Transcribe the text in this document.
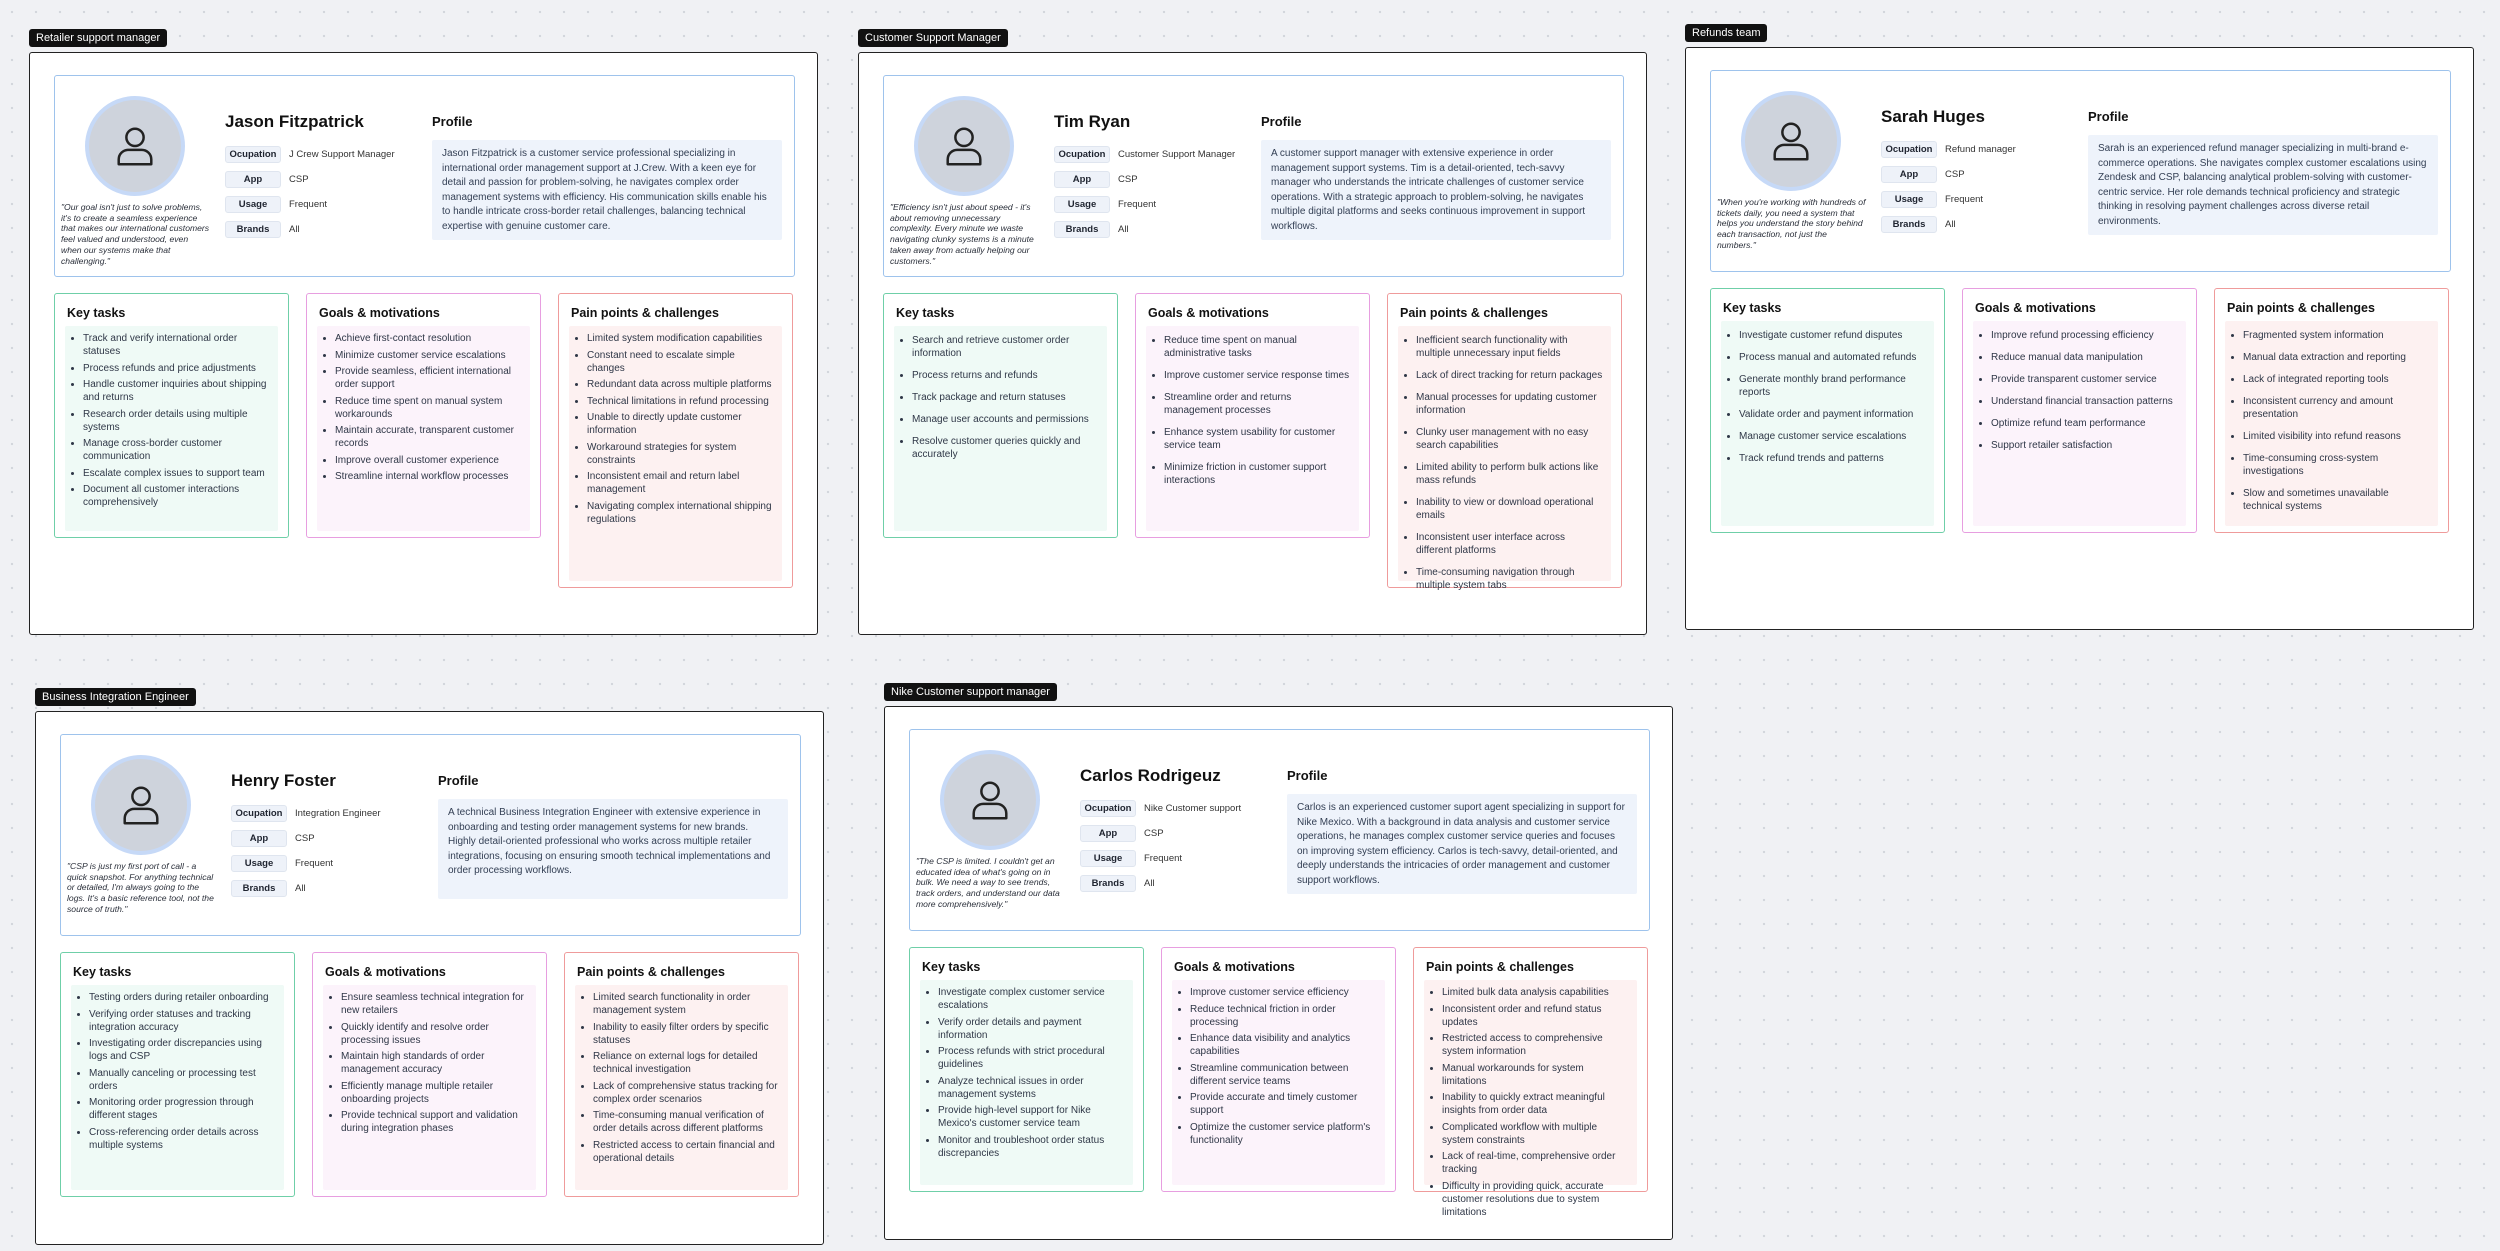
Retailer support manager
"Our goal isn't just to solve problems, it's to create a seamless experience that makes our international customers feel valued and understood, even when our systems make that challenging."
Jason Fitzpatrick
Ocupation	J Crew Support Manager
App	CSP
Usage	Frequent
Brands	All
Profile
Jason Fitzpatrick is a customer service professional specializing in international order management support at J.Crew. With a keen eye for detail and passion for problem-solving, he navigates complex order management systems with efficiency. His communication skills enable his to handle intricate cross-border retail challenges, balancing technical expertise with genuine customer care.
Key tasks
• Track and verify international order statuses
• Process refunds and price adjustments
• Handle customer inquiries about shipping and returns
• Research order details using multiple systems
• Manage cross-border customer communication
• Escalate complex issues to support team
• Document all customer interactions comprehensively
Goals & motivations
• Achieve first-contact resolution
• Minimize customer service escalations
• Provide seamless, efficient international order support
• Reduce time spent on manual system workarounds
• Maintain accurate, transparent customer records
• Improve overall customer experience
• Streamline internal workflow processes
Pain points & challenges
• Limited system modification capabilities
• Constant need to escalate simple changes
• Redundant data across multiple platforms
• Technical limitations in refund processing
• Unable to directly update customer information
• Workaround strategies for system constraints
• Inconsistent email and return label management
• Navigating complex international shipping regulations
Customer Support Manager
"Efficiency isn't just about speed - it's about removing unnecessary complexity. Every minute we waste navigating clunky systems is a minute taken away from actually helping our customers."
Tim Ryan
Ocupation	Customer Support Manager
App	CSP
Usage	Frequent
Brands	All
Profile
A customer support manager with extensive experience in order management support systems. Tim is a detail-oriented, tech-savvy manager who understands the intricate challenges of customer service operations. With a strategic approach to problem-solving, he navigates multiple digital platforms and seeks continuous improvement in support workflows.
Key tasks
• Search and retrieve customer order information
• Process returns and refunds
• Track package and return statuses
• Manage user accounts and permissions
• Resolve customer queries quickly and accurately
Goals & motivations
• Reduce time spent on manual administrative tasks
• Improve customer service response times
• Streamline order and returns management processes
• Enhance system usability for customer service team
• Minimize friction in customer support interactions
Pain points & challenges
• Inefficient search functionality with multiple unnecessary input fields
• Lack of direct tracking for return packages
• Manual processes for updating customer information
• Clunky user management with no easy search capabilities
• Limited ability to perform bulk actions like mass refunds
• Inability to view or download operational emails
• Inconsistent user interface across different platforms
• Time-consuming navigation through multiple system tabs
Refunds team
"When you're working with hundreds of tickets daily, you need a system that helps you understand the story behind each transaction, not just the numbers."
Sarah Huges
Ocupation	Refund manager
App	CSP
Usage	Frequent
Brands	All
Profile
Sarah is an experienced refund manager specializing in multi-brand e-commerce operations. She navigates complex customer escalations using Zendesk and CSP, balancing analytical problem-solving with customer-centric service. Her role demands technical proficiency and strategic thinking in resolving payment challenges across diverse retail environments.
Key tasks
• Investigate customer refund disputes
• Process manual and automated refunds
• Generate monthly brand performance reports
• Validate order and payment information
• Manage customer service escalations
• Track refund trends and patterns
Goals & motivations
• Improve refund processing efficiency
• Reduce manual data manipulation
• Provide transparent customer service
• Understand financial transaction patterns
• Optimize refund team performance
• Support retailer satisfaction
Pain points & challenges
• Fragmented system information
• Manual data extraction and reporting
• Lack of integrated reporting tools
• Inconsistent currency and amount presentation
• Limited visibility into refund reasons
• Time-consuming cross-system investigations
• Slow and sometimes unavailable technical systems
Business Integration Engineer
"CSP is just my first port of call - a quick snapshot. For anything technical or detailed, I'm always going to the logs. It's a basic reference tool, not the source of truth."
Henry Foster
Ocupation	Integration Engineer
App	CSP
Usage	Frequent
Brands	All
Profile
A technical Business Integration Engineer with extensive experience in onboarding and testing order management systems for new brands. Highly detail-oriented professional who works across multiple retailer integrations, focusing on ensuring smooth technical implementations and order processing workflows.
Key tasks
• Testing orders during retailer onboarding
• Verifying order statuses and tracking integration accuracy
• Investigating order discrepancies using logs and CSP
• Manually canceling or processing test orders
• Monitoring order progression through different stages
• Cross-referencing order details across multiple systems
Goals & motivations
• Ensure seamless technical integration for new retailers
• Quickly identify and resolve order processing issues
• Maintain high standards of order management accuracy
• Efficiently manage multiple retailer onboarding projects
• Provide technical support and validation during integration phases
Pain points & challenges
• Limited search functionality in order management system
• Inability to easily filter orders by specific statuses
• Reliance on external logs for detailed technical investigation
• Lack of comprehensive status tracking for complex order scenarios
• Time-consuming manual verification of order details across different platforms
• Restricted access to certain financial and operational details
Nike Customer support manager
"The CSP is limited. I couldn't get an educated idea of what's going on in bulk. We need a way to see trends, track orders, and understand our data more comprehensively."
Carlos Rodrigeuz
Ocupation	Nike Customer support
App	CSP
Usage	Frequent
Brands	All
Profile
Carlos is an experienced customer suport agent specializing in support for Nike Mexico. With a background in data analysis and customer service operations, he manages complex customer service queries and focuses on improving system efficiency. Carlos is tech-savvy, detail-oriented, and deeply understands the intricacies of order management and customer support workflows.
Key tasks
• Investigate complex customer service escalations
• Verify order details and payment information
• Process refunds with strict procedural guidelines
• Analyze technical issues in order management systems
• Provide high-level support for Nike Mexico's customer service team
• Monitor and troubleshoot order status discrepancies
Goals & motivations
• Improve customer service efficiency
• Reduce technical friction in order processing
• Enhance data visibility and analytics capabilities
• Streamline communication between different service teams
• Provide accurate and timely customer support
• Optimize the customer service platform's functionality
Pain points & challenges
• Limited bulk data analysis capabilities
• Inconsistent order and refund status updates
• Restricted access to comprehensive system information
• Manual workarounds for system limitations
• Inability to quickly extract meaningful insights from order data
• Complicated workflow with multiple system constraints
• Lack of real-time, comprehensive order tracking
• Difficulty in providing quick, accurate customer resolutions due to system limitations
